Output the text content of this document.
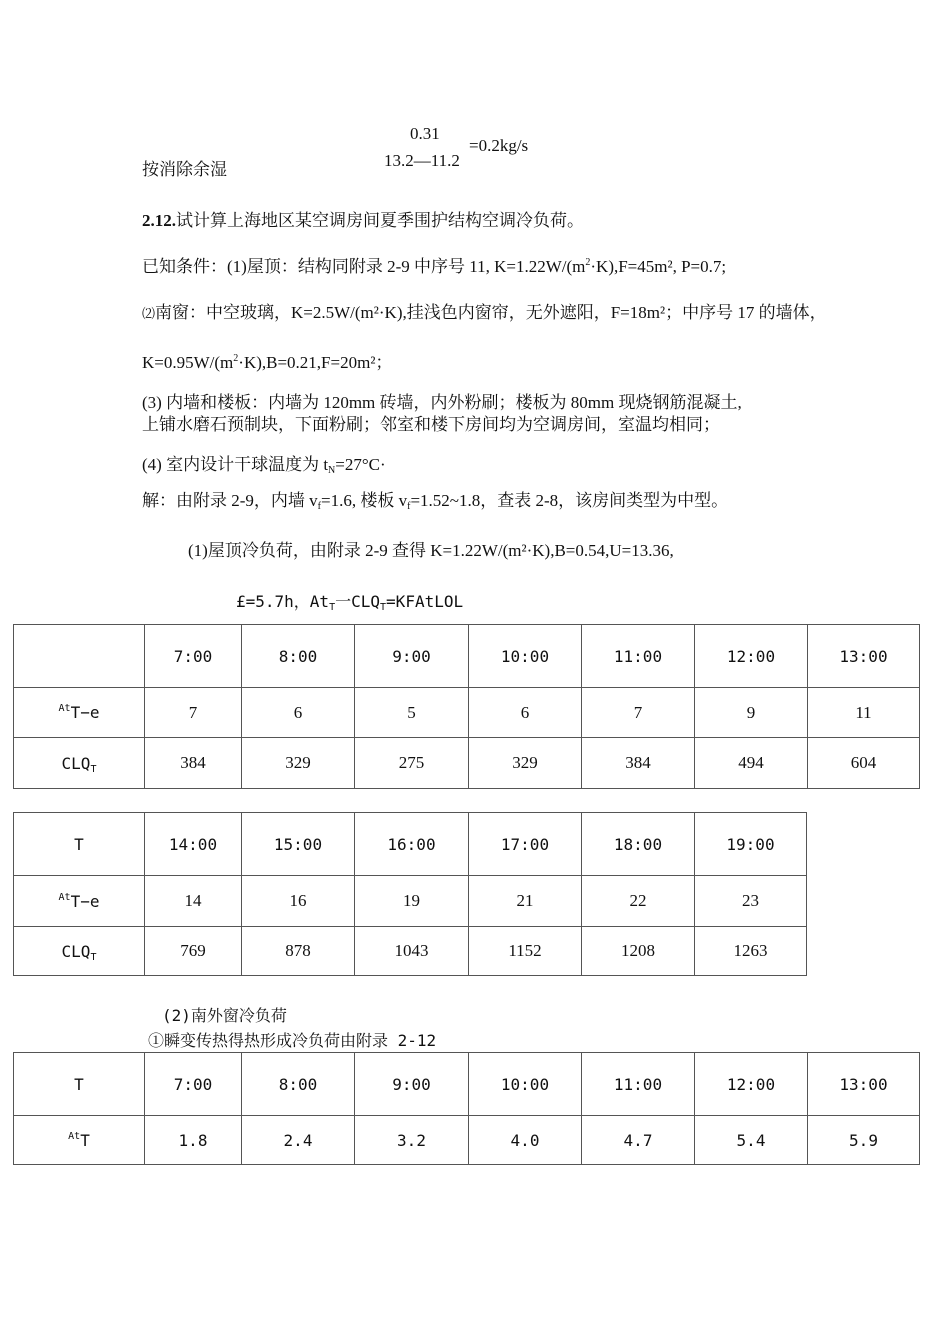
0.31
13.2—11.2
=0.2kg/s
按消除余湿
2.12.试计算上海地区某空调房间夏季围护结构空调冷负荷。
已知条件：(1)屋顶：结构同附录 2-9 中序号 11, $K=1.22W/(m^2\cdot K),F=45m^2$, P=0.7;
⑵南窗：中空玻璃，K=2.5W/(m²·K),挂浅色内窗帘，无外遮阳，F=18m²；中序号 17 的墙体，
$K=0.95W/(m^2\cdot K),B=0.21,F=20m^2$；
(3) 内墙和楼板：内墙为 120mm 砖墙，内外粉刷；楼板为 80mm 现烧钢筋混凝土,
上铺水磨石预制块，下面粉刷；邻室和楼下房间均为空调房间，室温均相同；
(4) 室内设计干球温度为 $t_N=27^\circ C\cdot$
解：由附录 2-9，内墙 $v_f=1.6$, 楼板 $v_f=1.52\sim 1.8$，查表 2-8，该房间类型为中型。
(1)屋顶冷负荷，由附录 2-9 查得 K=1.22W/(m²·K),B=0.54,U=13.36,
£=5.7h，$At_T$一$CLQ_T=KFAtLOL$
	7:00	8:00	9:00	10:00	11:00	12:00	13:00
$^{At}$T−e	7	6	5	6	7	9	11
$CLQ_T$	384	329	275	329	384	494	604
T	14:00	15:00	16:00	17:00	18:00	19:00
$^{At}$T−e	14	16	19	21	22	23
$CLQ_T$	769	878	1043	1152	1208	1263
(2)南外窗冷负荷
①瞬变传热得热形成冷负荷由附录 2-12
T	7:00	8:00	9:00	10:00	11:00	12:00	13:00
$^{At}$T	1.8	2.4	3.2	4.0	4.7	5.4	5.9
